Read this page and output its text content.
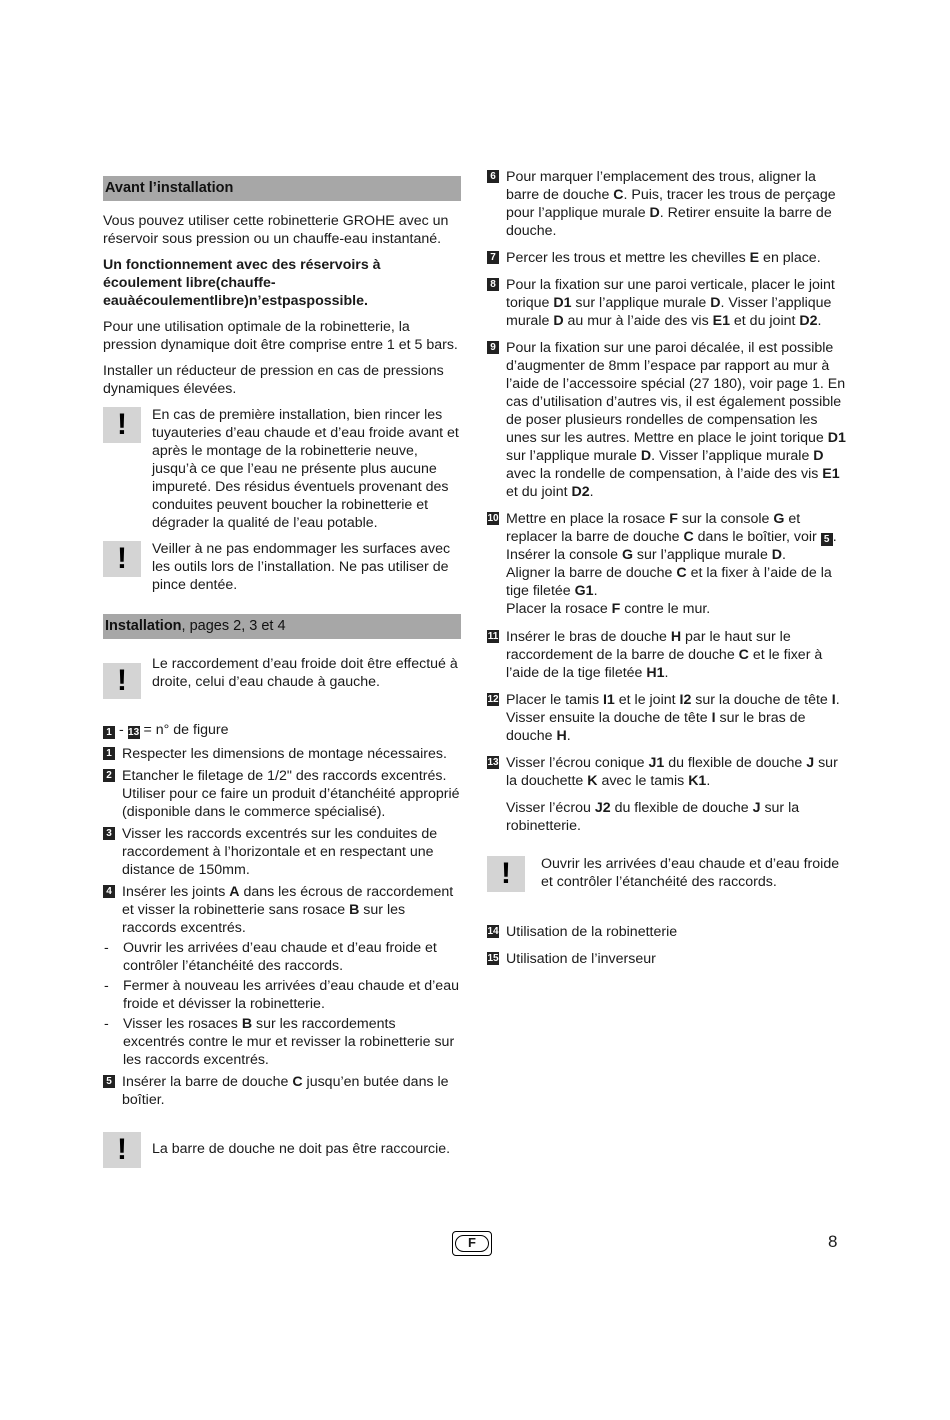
Avant l’installation

Vous pouvez utiliser cette robinetterie GROHE avec un réservoir sous pression ou un chauffe-eau instantané.

Un fonctionnement avec des réservoirs à écoulement libre(chauffe-eauàécoulementlibre)n’estpaspossible.

Pour une utilisation optimale de la robinetterie, la pression dynamique doit être comprise entre 1 et 5 bars.

Installer un réducteur de pression en cas de pressions dynamiques élevées.

!	En cas de première installation, bien rincer les tuyauteries d’eau chaude et d’eau froide avant et après le montage de la robinetterie neuve, jusqu’à ce que l’eau ne présente plus aucune impureté. Des résidus éventuels provenant des conduites peuvent boucher la robinetterie et dégrader la qualité de l’eau potable.
!	Veiller à ne pas endommager les surfaces avec les outils lors de l’installation. Ne pas utiliser de pince dentée.
Installation, pages 2, 3 et 4
!	Le raccordement d’eau froide doit être effectué à droite, celui d’eau chaude à gauche.
1 - 13 = n° de figure
1 Respecter les dimensions de montage nécessaires.
2 Etancher le filetage de 1/2" des raccords excentrés. Utiliser pour ce faire un produit d’étanchéité approprié (disponible dans le commerce spécialisé).
3 Visser les raccords excentrés sur les conduites de raccordement à l’horizontale et en respectant une distance de 150mm.
4 Insérer les joints A dans les écrous de raccordement et visser la robinetterie sans rosace B sur les raccords excentrés.
-	Ouvrir les arrivées d’eau chaude et d’eau froide et contrôler l’étanchéité des raccords.
-	Fermer à nouveau les arrivées d’eau chaude et d’eau froide et dévisser la robinetterie.
-	Visser les rosaces B sur les raccordements excentrés contre le mur et revisser la robinetterie sur les raccords excentrés.
5 Insérer la barre de douche C jusqu’en butée dans le boîtier.
!	La barre de douche ne doit pas être raccourcie.
6 Pour marquer l’emplacement des trous, aligner la barre de douche C. Puis, tracer les trous de perçage pour l’applique murale D. Retirer ensuite la barre de douche.
7 Percer les trous et mettre les chevilles E en place.
8 Pour la fixation sur une paroi verticale, placer le joint torique D1 sur l’applique murale D. Visser l’applique murale D au mur à l’aide des vis E1 et du joint D2.
9 Pour la fixation sur une paroi décalée, il est possible d’augmenter de 8mm l’espace par rapport au mur à l’aide de l’accessoire spécial (27 180), voir page 1. En cas d’utilisation d’autres vis, il est également possible de poser plusieurs rondelles de compensation les unes sur les autres. Mettre en place le joint torique D1 sur l’applique murale D. Visser l’applique murale D avec la rondelle de compensation, à l’aide des vis E1 et du joint D2.
10 Mettre en place la rosace F sur la console G et replacer la barre de douche C dans le boîtier, voir 5 .
Insérer la console G sur l’applique murale D.
Aligner la barre de douche C et la fixer à l’aide de la tige filetée G1.
Placer la rosace F contre le mur.
11 Insérer le bras de douche H par le haut sur le raccordement de la barre de douche C et le fixer à l’aide de la tige filetée H1.
12 Placer le tamis I1 et le joint I2 sur la douche de tête I. Visser ensuite la douche de tête I sur le bras de douche H.
13 Visser l’écrou conique J1 du flexible de douche J sur la douchette K avec le tamis K1.
Visser l’écrou J2 du flexible de douche J sur la robinetterie.
!	Ouvrir les arrivées d’eau chaude et d’eau froide et contrôler l’étanchéité des raccords.
14 Utilisation de la robinetterie
15 Utilisation de l’inverseur
F	8
